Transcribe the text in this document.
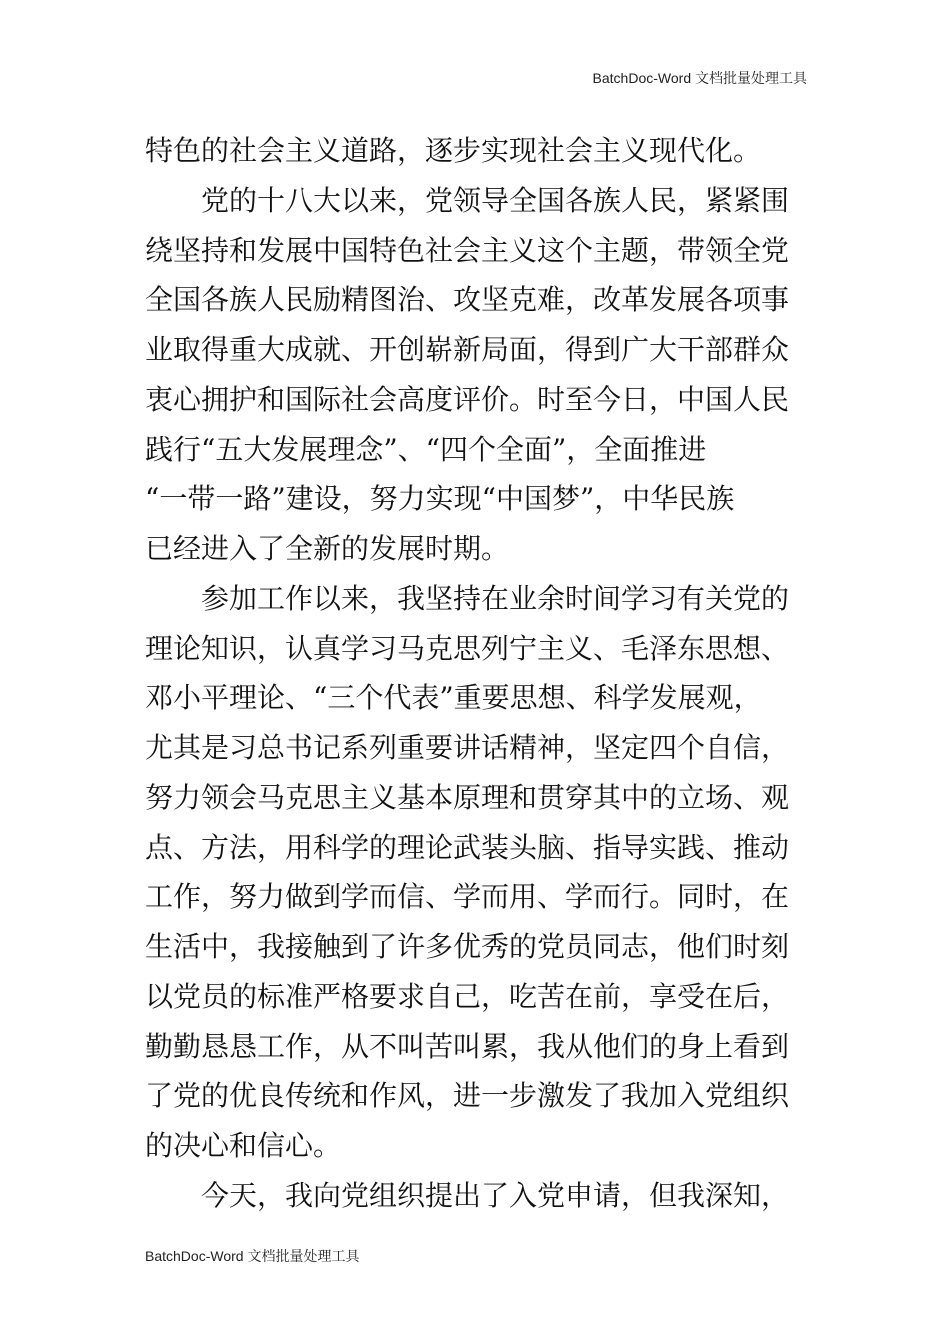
BatchDoc-Word 文档批量处理工具
特色的社会主义道路，逐步实现社会主义现代化。
党的十八大以来，党领导全国各族人民，紧紧围
绕坚持和发展中国特色社会主义这个主题，带领全党
全国各族人民励精图治、攻坚克难，改革发展各项事
业取得重大成就、开创崭新局面，得到广大干部群众
衷心拥护和国际社会高度评价。时至今日，中国人民
践行“五大发展理念”、“四个全面”，全面推进
“一带一路”建设，努力实现“中国梦”，中华民族
已经进入了全新的发展时期。
参加工作以来，我坚持在业余时间学习有关党的
理论知识，认真学习马克思列宁主义、毛泽东思想、
邓小平理论、“三个代表”重要思想、科学发展观，
尤其是习总书记系列重要讲话精神，坚定四个自信，
努力领会马克思主义基本原理和贯穿其中的立场、观
点、方法，用科学的理论武装头脑、指导实践、推动
工作，努力做到学而信、学而用、学而行。同时，在
生活中，我接触到了许多优秀的党员同志，他们时刻
以党员的标准严格要求自己，吃苦在前，享受在后，
勤勤恳恳工作，从不叫苦叫累，我从他们的身上看到
了党的优良传统和作风，进一步激发了我加入党组织
的决心和信心。
今天，我向党组织提出了入党申请，但我深知，
BatchDoc-Word 文档批量处理工具
